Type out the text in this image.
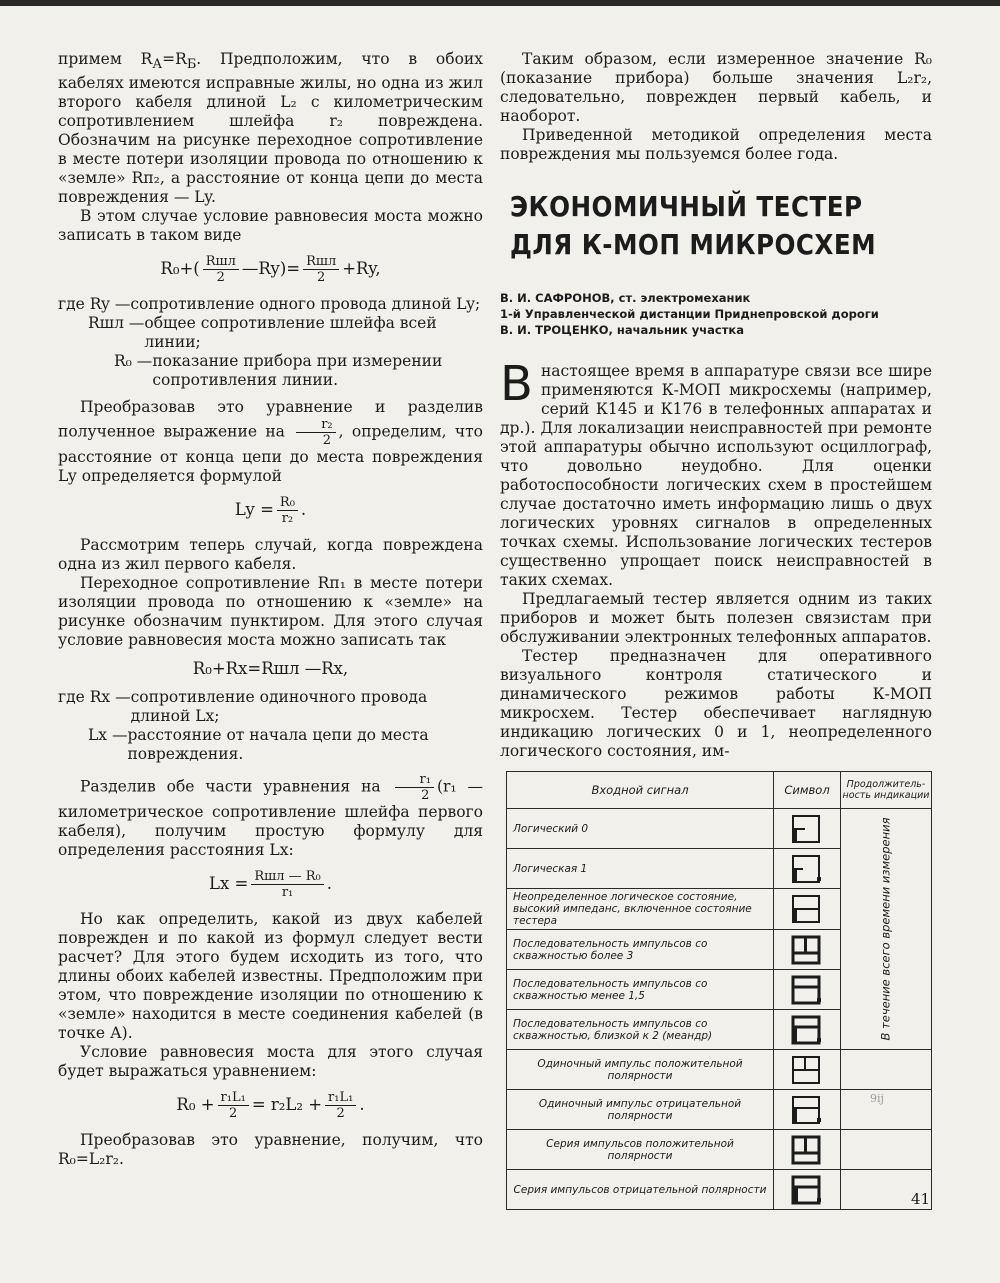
примем $R_А=R_Б$. Предположим, что в обоих кабелях имеются исправные жилы, но одна из жил второго кабеля длиной L₂ с километрическим сопротивлением шлейфа r₂ повреждена. Обозначим на рисунке переходное сопротивление в месте потери изоляции провода по отношению к «земле» Rп₂, а расстояние от конца цепи до места повреждения — Ly.

В этом случае условие равновесия моста можно записать в таком виде

$R_0+( \frac{\text{Rшл}}{2}$ —Ry)= $\frac{\text{Rшл}}{2} +Ry$,
где Ry — сопротивление одного провода длиной Ly;
Rшл — общее сопротивление шлейфа всей линии;
R₀ — показание прибора при измерении сопротивления линии.

Преобразовав это уравнение и разделив полученное выражение на $\frac{\text{r₂}}{2}$ , определим, что расстояние от конца цепи до места повреждения Ly определяется формулой

$Ly = \frac{\text{R₀}}{\text{r₂}}$ .

Рассмотрим теперь случай, когда повреждена одна из жил первого кабеля.

Переходное сопротивление Rп₁ в месте потери изоляции провода по отношению к «земле» на рисунке обозначим пунктиром. Для этого случая условие равновесия моста можно записать так

R₀+Rx=Rшл —Rx,
где Rx — сопротивление одиночного провода длиной Lx;
Lx — расстояние от начала цепи до места повреждения.

Разделив обе части уравнения на $\frac{\text{r₁}}{2} (r_1$ — километрическое сопротивление шлейфа первого кабеля), получим простую формулу для определения расстояния Lx:

$Lx = \frac{\text{Rшл — R₀}}{\text{r₁}}$ .

Но как определить, какой из двух кабелей поврежден и по какой из формул следует вести расчет? Для этого будем исходить из того, что длины обоих кабелей известны. Предположим при этом, что повреждение изоляции по отношению к «земле» находится в месте соединения кабелей (в точке А).

Условие равновесия моста для этого случая будет выражаться уравнением:

$R_0 + \frac{\text{r₁L₁}}{2} = r_2L_2 + \frac{\text{r₁L₁}}{2}$ .

Преобразовав это уравнение, получим, что R₀=L₂r₂.

Таким образом, если измеренное значение R₀ (показание прибора) больше значения L₂r₂, следовательно, поврежден первый кабель, и наоборот.

Приведенной методикой определения места повреждения мы пользуемся более года.

ЭКОНОМИЧНЫЙ ТЕСТЕР
ДЛЯ К-МОП МИКРОСХЕМ
В. И. САФРОНОВ, ст. электромеханик
1-й Управленческой дистанции Приднепровской дороги
В. И. ТРОЦЕНКО, начальник участка

Внастоящее время в аппаратуре связи все шире применяются К-МОП микросхемы (например, серий К145 и К176 в телефонных аппаратах и др.). Для локализации неисправностей при ремонте этой аппаратуры обычно используют осциллограф, что довольно неудобно. Для оценки работоспособности логических схем в простейшем случае достаточно иметь информацию лишь о двух логических уровнях сигналов в определенных точках схемы. Использование логических тестеров существенно упрощает поиск неисправностей в таких схемах.

Предлагаемый тестер является одним из таких приборов и может быть полезен связистам при обслуживании электронных телефонных аппаратов.

Тестер предназначен для оперативного визуального контроля статического и динамического режимов работы К-МОП микросхем. Тестер обеспечивает наглядную индикацию логических 0 и 1, неопределенного логического состояния, им-

Входной сигнал	Символ	Продолжитель-ность индикации
Логический 0		В течение всего времени измерения

Логическая 1	

Неопределенное логическое состояние, высокий импеданс, включенное состояние тестера	

Последовательность импульсов со скважностью более 3	

Последовательность импульсов со скважностью менее 1,5	

Последовательность импульсов со скважностью, близкой к 2 (меандр)	

Одиночный импульс положительной полярности	

Одиночный импульс отрицательной полярности	

Серия импульсов положительной полярности	

Серия импульсов отрицательной полярности	

9ij
41
